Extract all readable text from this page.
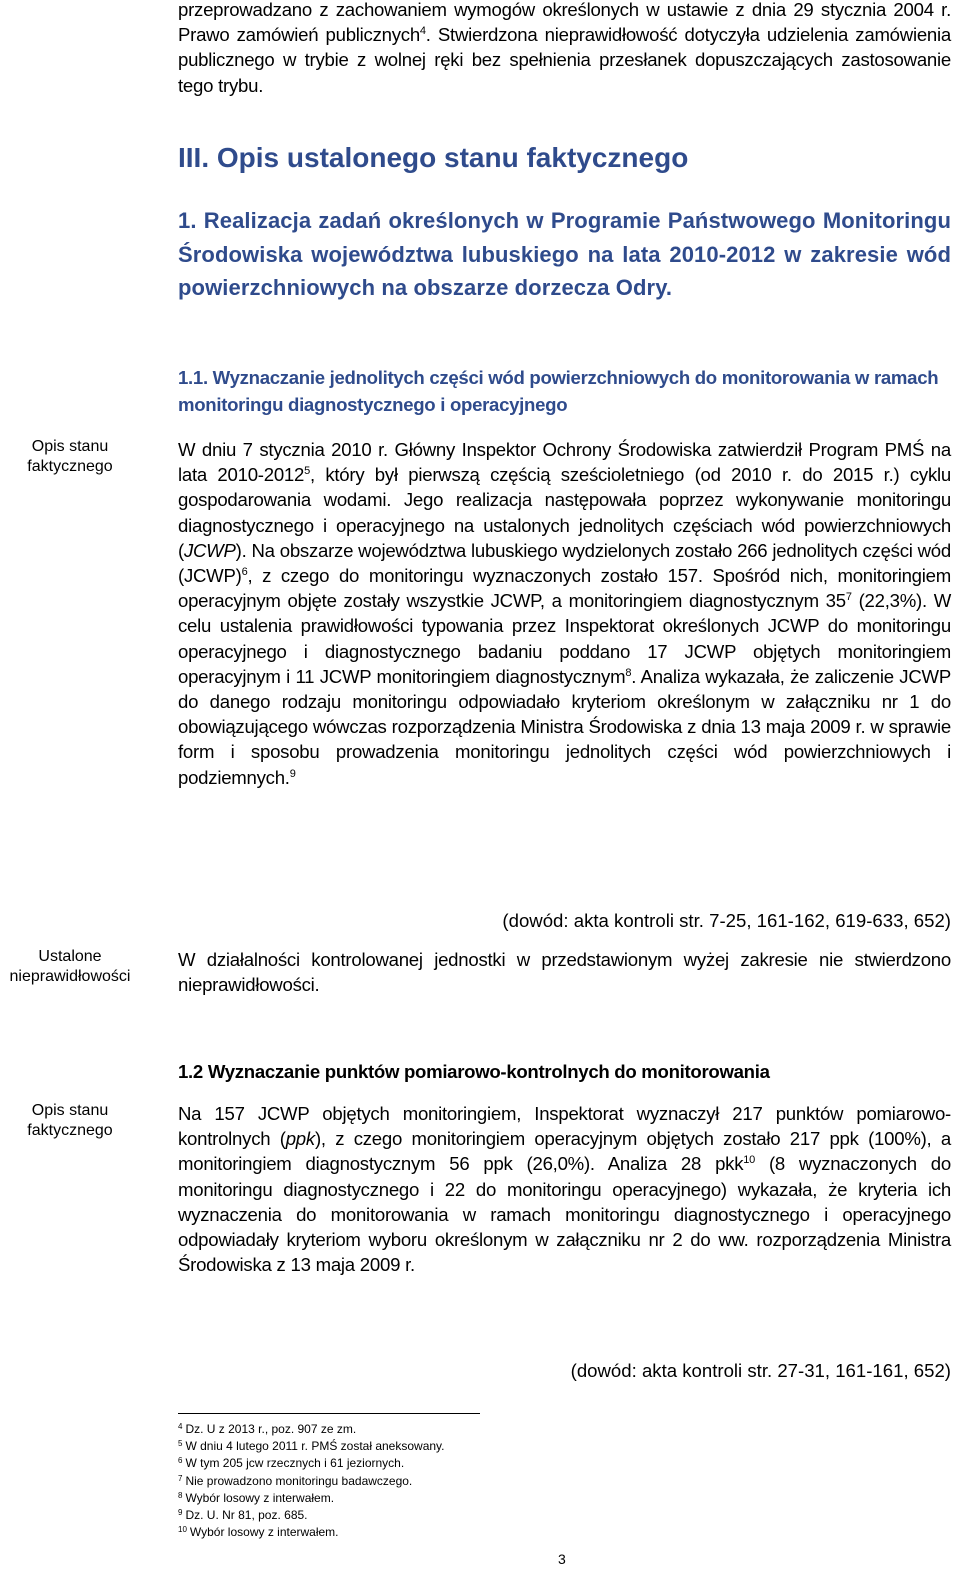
Opis stanu
faktycznego
Ustalone
nieprawidłowości
Opis stanu
faktycznego

przeprowadzano z zachowaniem wymogów określonych w ustawie z dnia 29 stycznia 2004 r. Prawo zamówień publicznych$^4$. Stwierdzona nieprawidłowość dotyczyła udzielenia zamówienia publicznego w trybie z wolnej ręki bez spełnienia przesłanek dopuszczających zastosowanie tego trybu.

III. Opis ustalonego stanu faktycznego
1. Realizacja zadań określonych w Programie Państwowego Monitoringu Środowiska województwa lubuskiego na lata 2010-2012 w zakresie wód powierzchniowych na obszarze dorzecza Odry.
1.1. Wyznaczanie jednolitych części wód powierzchniowych do monitorowania w ramach monitoringu diagnostycznego i operacyjnego

W dniu 7 stycznia 2010 r. Główny Inspektor Ochrony Środowiska zatwierdził Program PMŚ na lata 2010-2012$^5$, który był pierwszą częścią sześcioletniego (od 2010 r. do 2015 r.) cyklu gospodarowania wodami. Jego realizacja następowała poprzez wykonywanie monitoringu diagnostycznego i operacyjnego na ustalonych jednolitych częściach wód powierzchniowych (JCWP). Na obszarze województwa lubuskiego wydzielonych zostało 266 jednolitych części wód (JCWP)$^6$, z czego do monitoringu wyznaczonych zostało 157. Spośród nich, monitoringiem operacyjnym objęte zostały wszystkie JCWP, a monitoringiem diagnostycznym $35^7$ (22,3%). W celu ustalenia prawidłowości typowania przez Inspektorat określonych JCWP do monitoringu operacyjnego i diagnostycznego badaniu poddano 17 JCWP objętych monitoringiem operacyjnym i 11 JCWP monitoringiem diagnostycznym$^8$. Analiza wykazała, że zaliczenie JCWP do danego rodzaju monitoringu odpowiadało kryteriom określonym w załączniku nr 1 do obowiązującego wówczas rozporządzenia Ministra Środowiska z dnia 13 maja 2009 r. w sprawie form i sposobu prowadzenia monitoringu jednolitych części wód powierzchniowych i podziemnych.$^9$

(dowód: akta kontroli str. 7-25, 161-162, 619-633, 652)

W działalności kontrolowanej jednostki w przedstawionym wyżej zakresie nie stwierdzono nieprawidłowości.

1.2 Wyznaczanie punktów pomiarowo-kontrolnych do monitorowania

Na 157 JCWP objętych monitoringiem, Inspektorat wyznaczył 217 punktów pomiarowo-kontrolnych (ppk), z czego monitoringiem operacyjnym objętych zostało 217 ppk (100%), a monitoringiem diagnostycznym 56 ppk (26,0%). Analiza 28 pkk$^{10}$ (8 wyznaczonych do monitoringu diagnostycznego i 22 do monitoringu operacyjnego) wykazała, że kryteria ich wyznaczenia do monitorowania w ramach monitoringu diagnostycznego i operacyjnego odpowiadały kryteriom wyboru określonym w załączniku nr 2 do ww. rozporządzenia Ministra Środowiska z 13 maja 2009 r.

(dowód: akta kontroli str. 27-31, 161-161, 652)

$^4$ Dz. U z 2013 r., poz. 907 ze zm.
$^5$ W dniu 4 lutego 2011 r. PMŚ został aneksowany.
$^6$ W tym 205 jcw rzecznych i 61 jeziornych.
$^7$ Nie prowadzono monitoringu badawczego.
$^8$ Wybór losowy z interwałem.
$^9$ Dz. U. Nr 81, poz. 685.
$^{10}$ Wybór losowy z interwałem.
3
